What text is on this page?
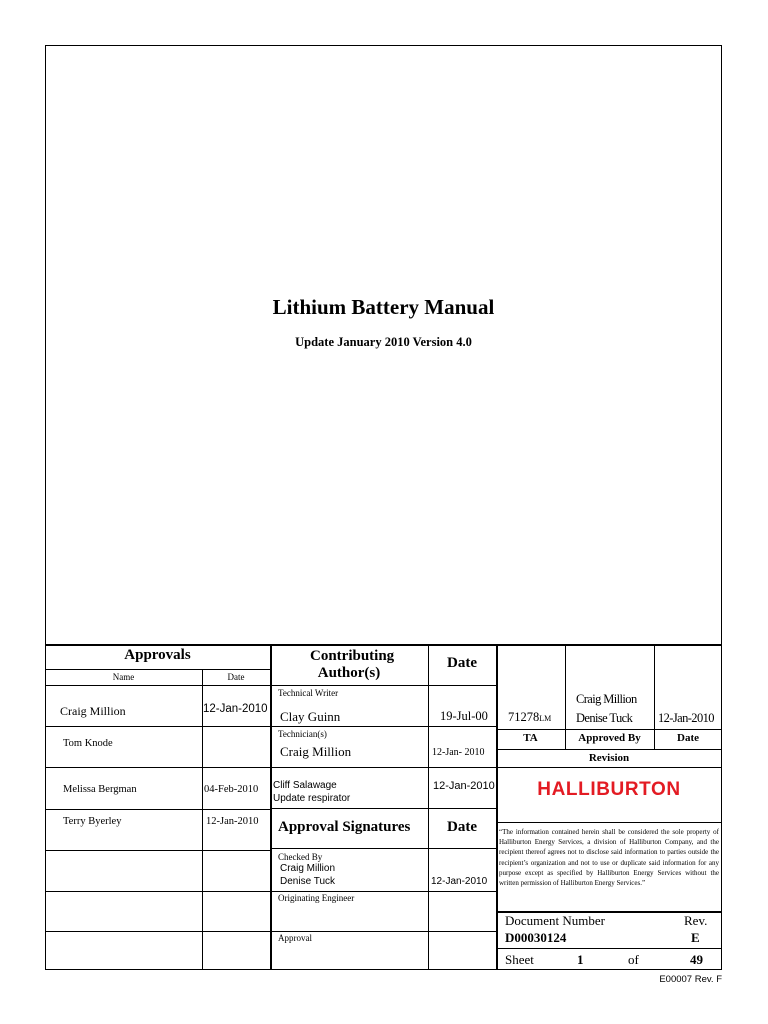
Lithium Battery Manual
Update January 2010 Version 4.0
Approvals
Name	Date
Craig Million	12-Jan-2010
Tom Knode
Melissa Bergman	04-Feb-2010
Terry Byerley	12-Jan-2010
Contributing Author(s)
Date
Technical Writer
Clay Guinn	19-Jul-00
Technician(s)
Craig Million	12-Jan- 2010
Cliff Salawage
Update respirator
12-Jan-2010
Approval Signatures	Date
Checked By
Craig Million
Denise Tuck	12-Jan-2010
Originating Engineer
Approval
71278LM
Craig Million
Denise Tuck 12-Jan-2010
TA	Approved By	Date
Revision
HALLIBURTON
“The information contained herein shall be considered the sole property of Halliburton Energy Services, a division of Halliburton Company, and the recipient thereof agrees not to disclose said information to parties outside the recipient’s organization and not to use or duplicate said information for any purpose except as specified by Halliburton Energy Services without the written permission of Halliburton Energy Services.”
Document Number	Rev.
D00030124	E
Sheet	1	of	49
E00007 Rev. F
